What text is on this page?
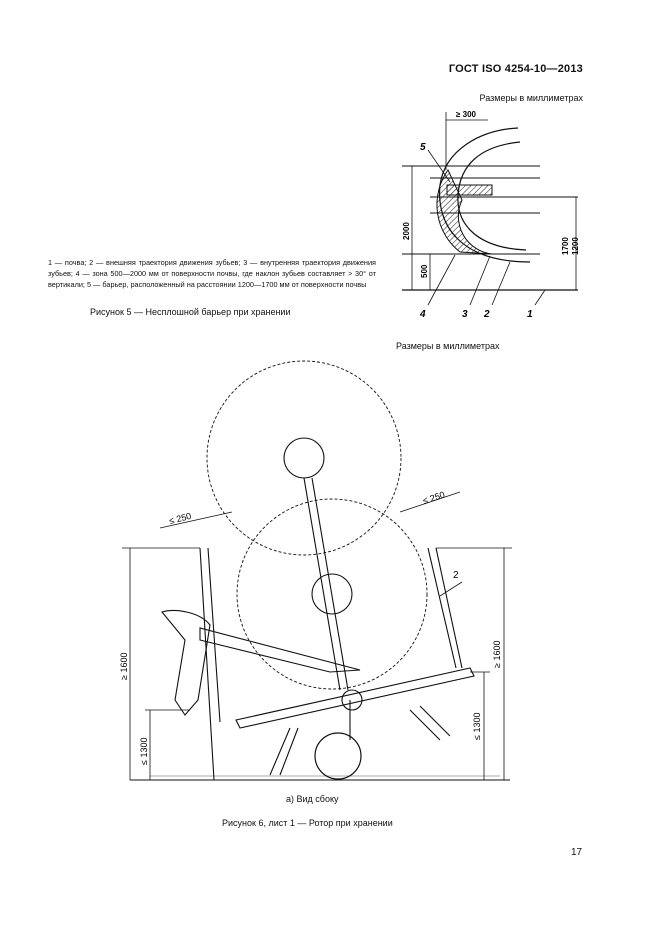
ГОСТ ISO 4254-10—2013
Размеры в миллиметрах
≥ 300
2000
500
1700 1200
5
4	3 2	1
1 — почва; 2 — внешняя траектория движения зубьев; 3 — внутренняя траектория движения зубьев; 4 — зона 500—2000 мм от поверхности почвы, где наклон зубьев составляет > 30° от вертикали; 5 — барьер, расположенный на расстоянии 1200—1700 мм от поверхности почвы
Рисунок 5 — Несплошной барьер при хранении
Размеры в миллиметрах
≥ 1600
≤ 1300
≥ 1600
≤ 1300
≤ 250
≤ 250
2
а) Вид сбоку
Рисунок 6, лист 1 — Ротор при хранении
17
